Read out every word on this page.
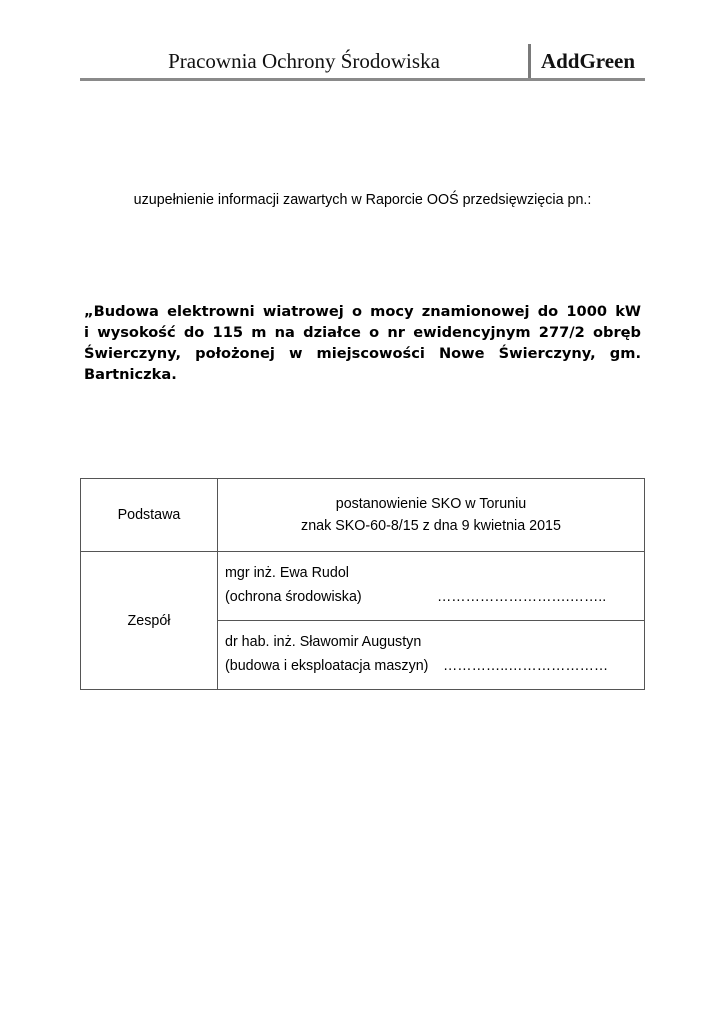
Pracownia Ochrony Środowiska	AddGreen
uzupełnienie informacji zawartych w Raporcie OOŚ przedsięwzięcia pn.:
„Budowa elektrowni wiatrowej o mocy znamionowej do 1000 kW
i wysokość do 115 m na działce o nr ewidencyjnym 277/2 obręb
Świerczyny, położonej w miejscowości Nowe Świerczyny, gm. Bartniczka.
Podstawa	postanowienie SKO w Toruniu
znak SKO-60-8/15 z dna 9 kwietnia 2015

Zespół	mgr inż. Ewa Rudol
(ochrona środowiska) ……………………….……..

	dr hab. inż. Sławomir Augustyn
(budowa i eksploatacja maszyn) …………..…………………
